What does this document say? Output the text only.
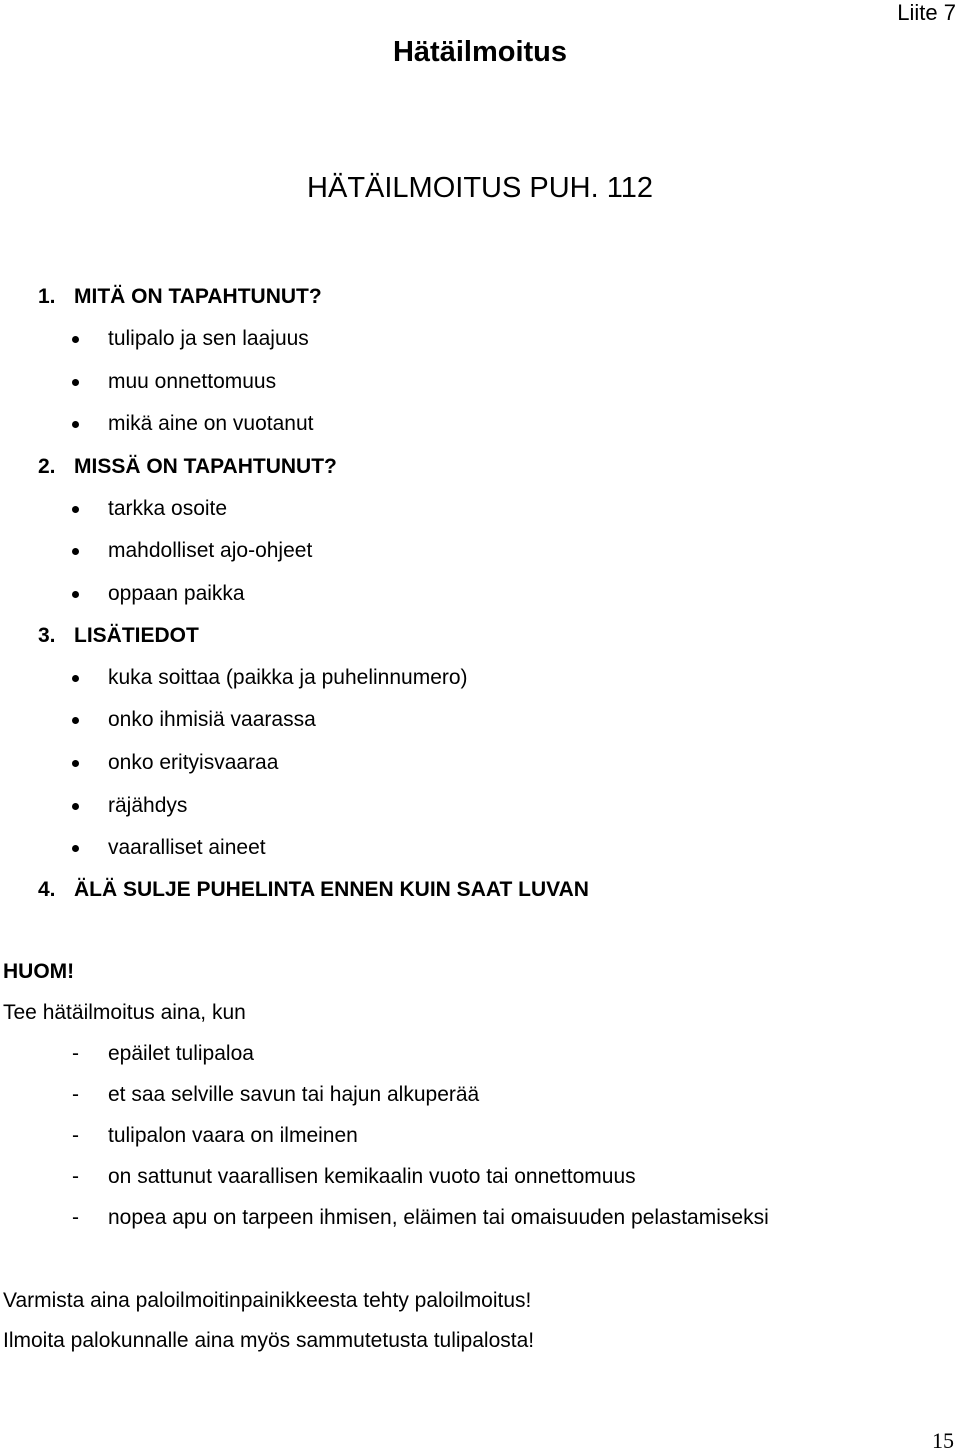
Liite 7
Hätäilmoitus
HÄTÄILMOITUS PUH. 112
1. MITÄ ON TAPAHTUNUT?
tulipalo ja sen laajuus
muu onnettomuus
mikä aine on vuotanut
2. MISSÄ ON TAPAHTUNUT?
tarkka osoite
mahdolliset ajo-ohjeet
oppaan paikka
3. LISÄTIEDOT
kuka soittaa (paikka ja puhelinnumero)
onko ihmisiä vaarassa
onko erityisvaaraa
räjähdys
vaaralliset aineet
4. ÄLÄ SULJE PUHELINTA ENNEN KUIN SAAT LUVAN
HUOM!
Tee hätäilmoitus aina, kun
- epäilet tulipaloa
- et saa selville savun tai hajun alkuperää
- tulipalon vaara on ilmeinen
- on sattunut vaarallisen kemikaalin vuoto tai onnettomuus
- nopea apu on tarpeen ihmisen, eläimen tai omaisuuden pelastamiseksi
Varmista aina paloilmoitinpainikkeesta tehty paloilmoitus!
Ilmoita palokunnalle aina myös sammutetusta tulipalosta!
15
